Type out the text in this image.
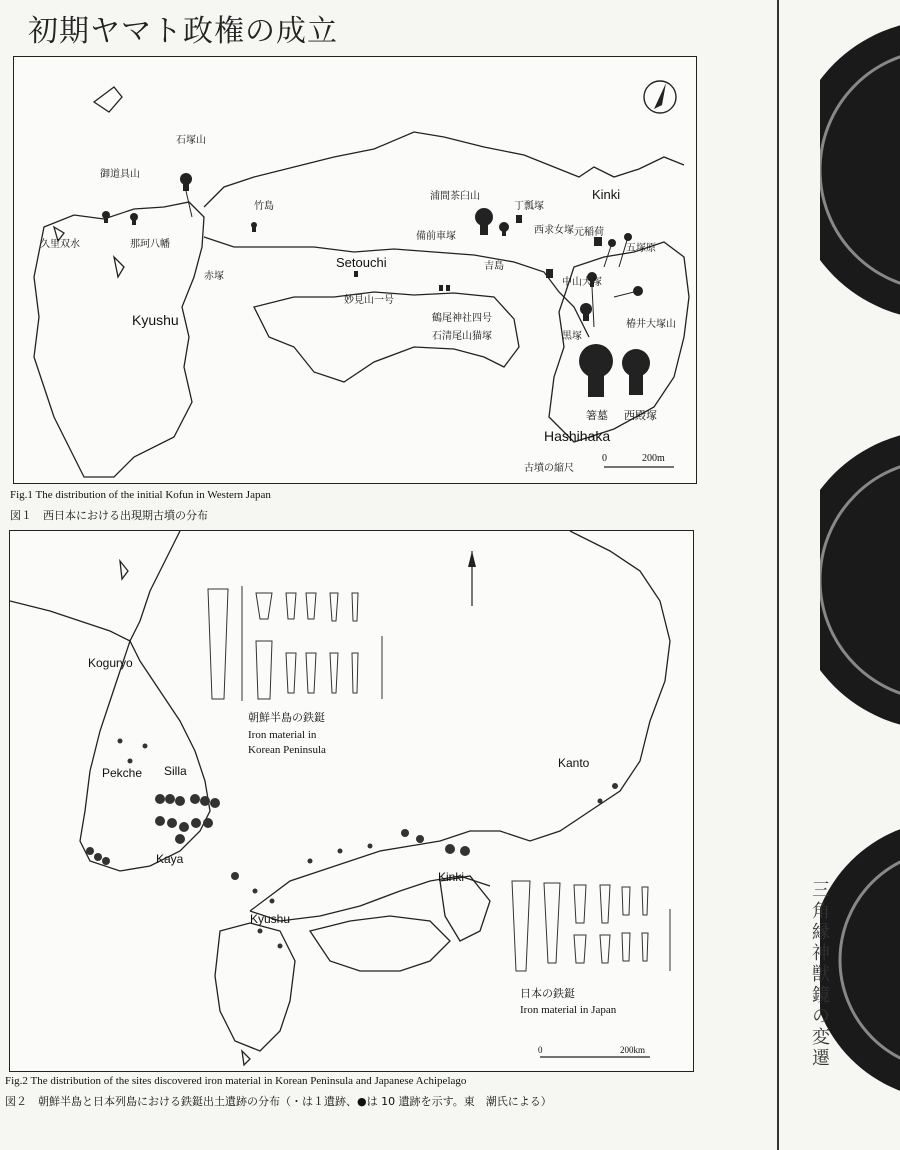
初期ヤマト政権の成立
Kyushu
Setouchi
Kinki
Hashihaka
石塚山
御道具山
久里双水	那珂八幡
竹島
赤塚
浦間茶臼山
備前車塚
丁瓢塚
吉島
西求女塚
妙見山一号
鶴尾神社四号
石清尾山猫塚
元稲荷
五塚原
中山大塚
黒塚
椿井大塚山
箸墓 西殿塚
古墳の縮尺
0	200m
Fig.1 The distribution of the initial Kofun in Western Japan
図１　西日本における出現期古墳の分布
Koguryo
Pekche Silla
Kaya
Kanto
Kinki
Kyushu
朝鮮半島の鉄鋌
Iron material in
Korean Peninsula
日本の鉄鋌
Iron material in Japan
0	200km
Fig.2 The distribution of the sites discovered iron material in Korean Peninsula and Japanese Achipelago
図２　朝鮮半島と日本列島における鉄鋌出土遺跡の分布（・は１遺跡、●は 10 遺跡を示す。東　潮氏による）
三角縁神獣鏡の変遷
